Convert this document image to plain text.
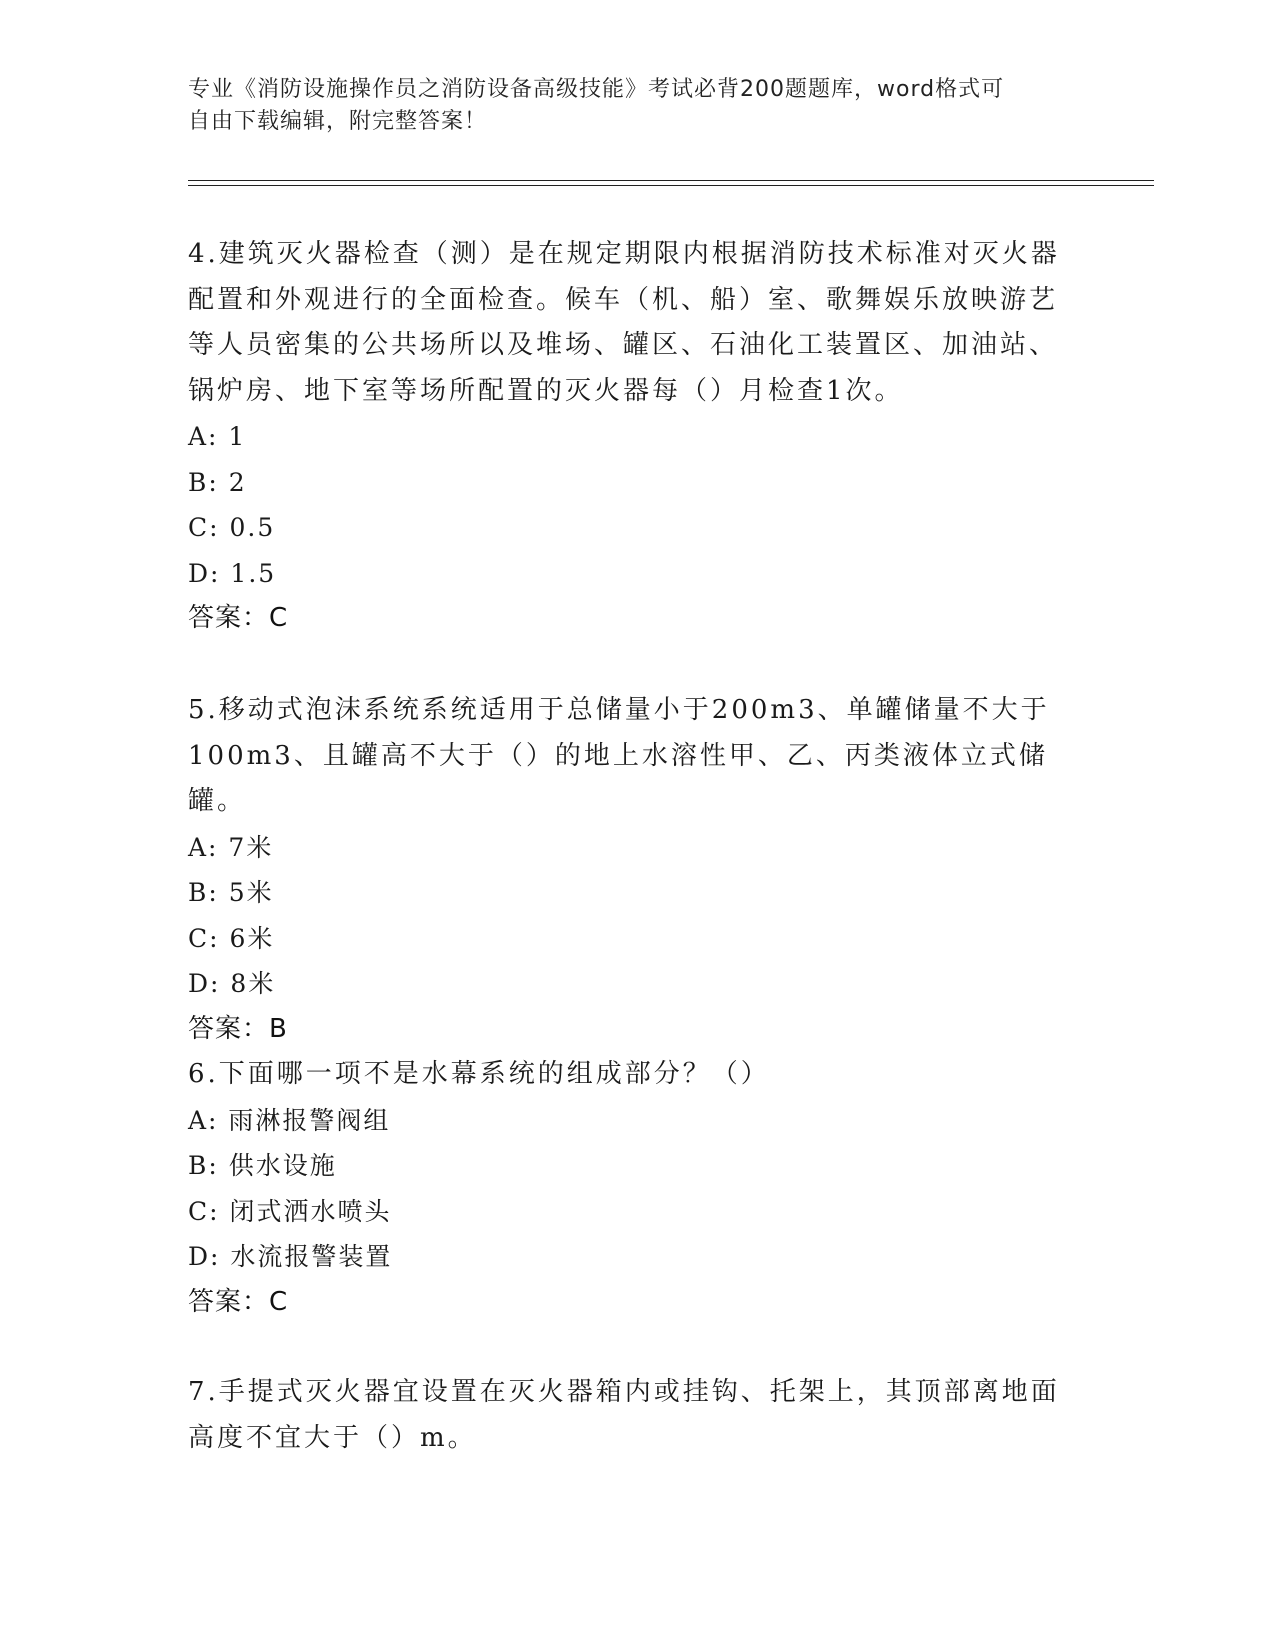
专业《消防设施操作员之消防设备高级技能》考试必背200题题库，word格式可
自由下载编辑，附完整答案！
4.建筑灭火器检查（测）是在规定期限内根据消防技术标准对灭火器配置和外观进行的全面检查。候车（机、船）室、歌舞娱乐放映游艺等人员密集的公共场所以及堆场、罐区、石油化工装置区、加油站、锅炉房、地下室等场所配置的灭火器每（）月检查1次。
A: 1
B: 2
C: 0.5
D: 1.5
答案：C
5.移动式泡沫系统系统适用于总储量小于200m3、单罐储量不大于100m3、且罐高不大于（）的地上水溶性甲、乙、丙类液体立式储罐。
A: 7米
B: 5米
C: 6米
D: 8米
答案：B
6.下面哪一项不是水幕系统的组成部分？（）
A: 雨淋报警阀组
B: 供水设施
C: 闭式洒水喷头
D: 水流报警装置
答案：C
7.手提式灭火器宜设置在灭火器箱内或挂钩、托架上，其顶部离地面高度不宜大于（）m。
